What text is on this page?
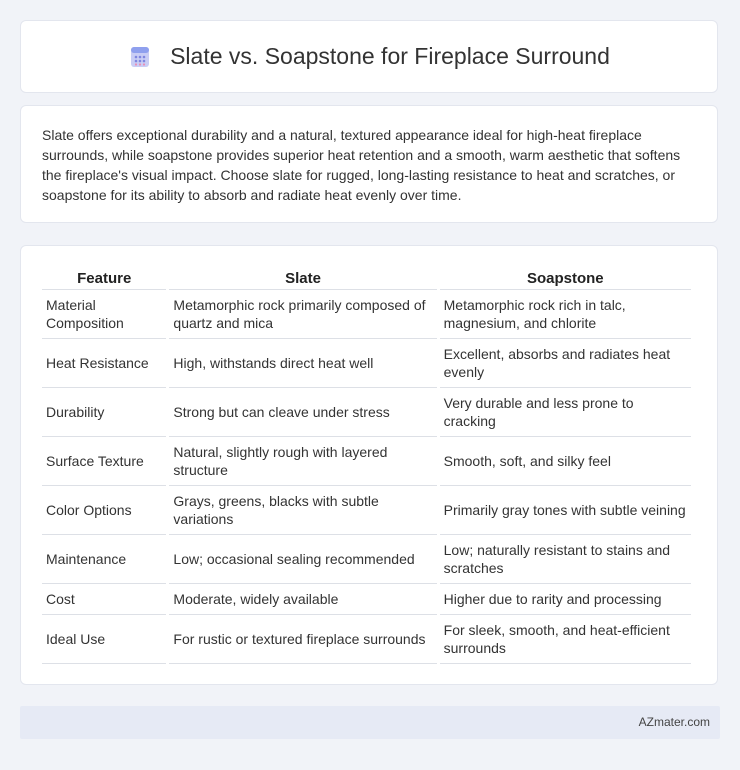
Slate vs. Soapstone for Fireplace Surround

Slate offers exceptional durability and a natural, textured appearance ideal for high-heat fireplace surrounds, while soapstone provides superior heat retention and a smooth, warm aesthetic that softens the fireplace's visual impact. Choose slate for rugged, long-lasting resistance to heat and scratches, or soapstone for its ability to absorb and radiate heat evenly over time.

Feature	Slate	Soapstone
Material Composition	Metamorphic rock primarily composed of quartz and mica	Metamorphic rock rich in talc, magnesium, and chlorite
Heat Resistance	High, withstands direct heat well	Excellent, absorbs and radiates heat evenly
Durability	Strong but can cleave under stress	Very durable and less prone to cracking
Surface Texture	Natural, slightly rough with layered structure	Smooth, soft, and silky feel
Color Options	Grays, greens, blacks with subtle variations	Primarily gray tones with subtle veining
Maintenance	Low; occasional sealing recommended	Low; naturally resistant to stains and scratches
Cost	Moderate, widely available	Higher due to rarity and processing
Ideal Use	For rustic or textured fireplace surrounds	For sleek, smooth, and heat-efficient surrounds
AZmater.com
